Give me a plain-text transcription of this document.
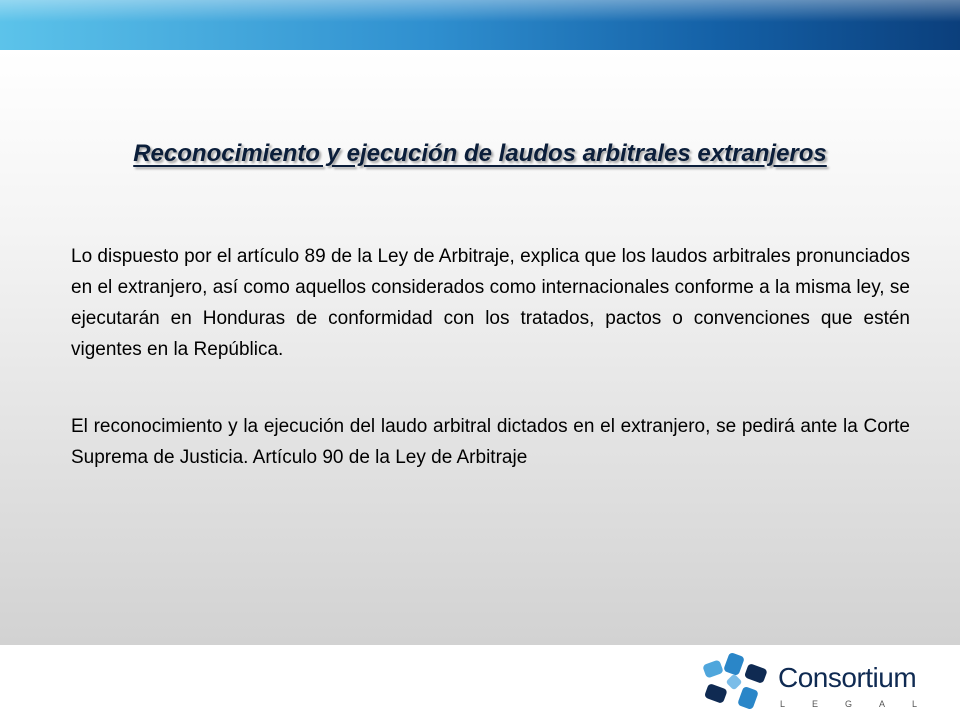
Reconocimiento y ejecución de laudos arbitrales extranjeros
Lo dispuesto por el artículo 89 de la Ley de Arbitraje, explica que los laudos arbitrales pronunciados en el extranjero, así como aquellos considerados como internacionales conforme a la misma ley, se ejecutarán en Honduras de conformidad con los tratados, pactos o convenciones que estén vigentes en la República.
El reconocimiento y la ejecución del laudo arbitral dictados en el extranjero, se pedirá ante la Corte Suprema de Justicia. Artículo 90 de la Ley de Arbitraje
Consortium
LEGAL
